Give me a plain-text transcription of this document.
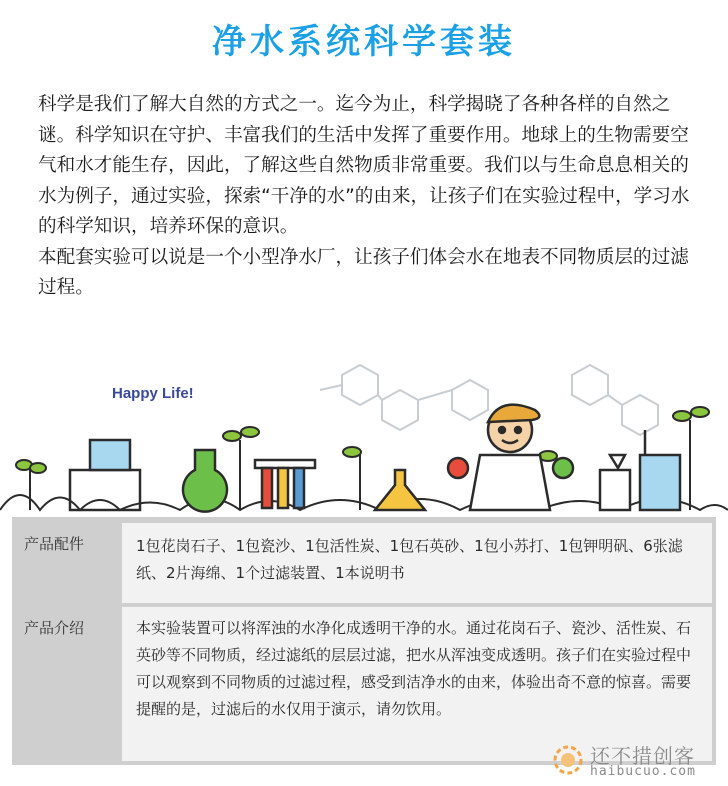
净水系统科学套装

科学是我们了解大自然的方式之一。迄今为止，科学揭晓了各种各样的自然之谜。科学知识在守护、丰富我们的生活中发挥了重要作用。地球上的生物需要空气和水才能生存，因此，了解这些自然物质非常重要。我们以与生命息息相关的水为例子，通过实验，探索“干净的水”的由来，让孩子们在实验过程中，学习水的科学知识，培养环保的意识。

本配套实验可以说是一个小型净水厂，让孩子们体会水在地表不同物质层的过滤过程。

Happy Life!
产品配件	1包花岗石子、1包瓷沙、1包活性炭、1包石英砂、1包小苏打、1包钾明矾、6张滤纸、2片海绵、1个过滤装置、1本说明书
产品介绍	本实验装置可以将浑浊的水净化成透明干净的水。通过花岗石子、瓷沙、活性炭、石英砂等不同物质，经过滤纸的层层过滤，把水从浑浊变成透明。孩子们在实验过程中可以观察到不同物质的过滤过程，感受到洁净水的由来，体验出奇不意的惊喜。需要提醒的是，过滤后的水仅用于演示，请勿饮用。
还不措创客
haibucuo.com
